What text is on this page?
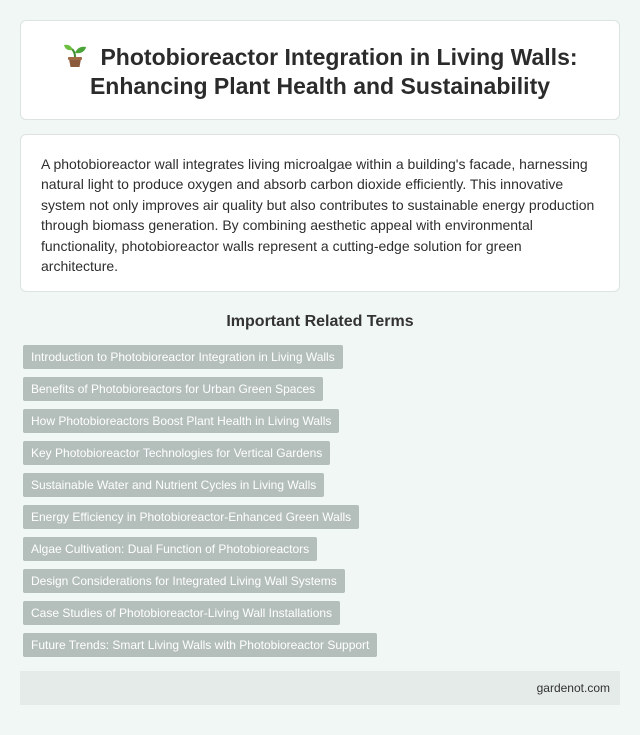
Photobioreactor Integration in Living Walls: Enhancing Plant Health and Sustainability

A photobioreactor wall integrates living microalgae within a building's facade, harnessing natural light to produce oxygen and absorb carbon dioxide efficiently. This innovative system not only improves air quality but also contributes to sustainable energy production through biomass generation. By combining aesthetic appeal with environmental functionality, photobioreactor walls represent a cutting-edge solution for green architecture.

Important Related Terms
Introduction to Photobioreactor Integration in Living Walls
Benefits of Photobioreactors for Urban Green Spaces
How Photobioreactors Boost Plant Health in Living Walls
Key Photobioreactor Technologies for Vertical Gardens
Sustainable Water and Nutrient Cycles in Living Walls
Energy Efficiency in Photobioreactor-Enhanced Green Walls
Algae Cultivation: Dual Function of Photobioreactors
Design Considerations for Integrated Living Wall Systems
Case Studies of Photobioreactor-Living Wall Installations
Future Trends: Smart Living Walls with Photobioreactor Support
gardenot.com
